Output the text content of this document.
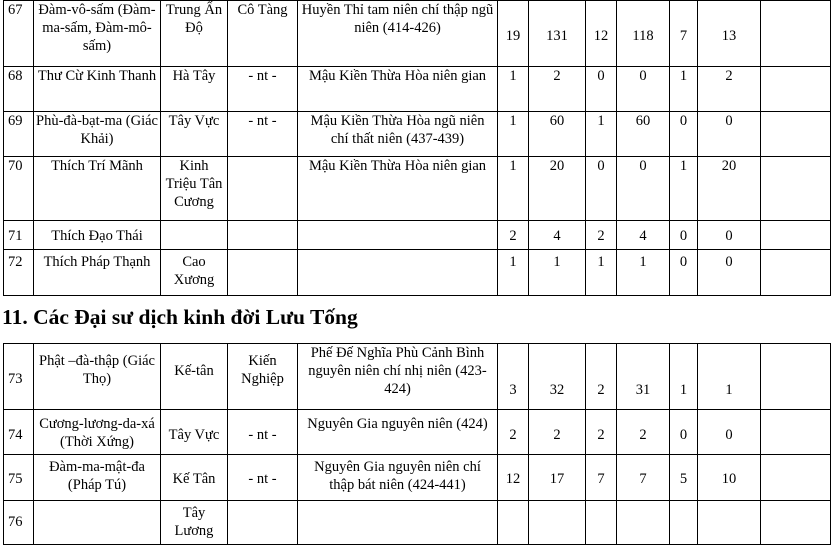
67	Đàm-vô-sấm (Đàm-ma-sấm, Đàm-mô-sấm)	Trung Ấn Độ	Cô Tàng	Huyền Thỉ tam niên chí thập ngũ niên (414-426)	19	131	12	118	7	13	
68	Thư Cừ Kinh Thanh	Hà Tây	- nt -	Mậu Kiền Thừa Hòa niên gian	1	2	0	0	1	2	
69	Phù-đà-bạt-ma (Giác Khải)	Tây Vực	- nt -	Mậu Kiền Thừa Hòa ngũ niên chí thất niên (437-439)	1	60	1	60	0	0	
70	Thích Trí Mãnh	Kinh Triệu Tân Cương		Mậu Kiền Thừa Hòa niên gian	1	20	0	0	1	20	
71	Thích Đạo Thái				2	4	2	4	0	0	
72	Thích Pháp Thạnh	Cao Xương			1	1	1	1	0	0	
11. Các Đại sư dịch kinh đời Lưu Tống
73	Phật –đà-thập (Giác Thọ)	Kế-tân	Kiến Nghiệp	Phế Đế Nghĩa Phù Cảnh Bình nguyên niên chí nhị niên (423-424)	3	32	2	31	1	1	
74	Cương-lương-da-xá (Thời Xứng)	Tây Vực	- nt -	Nguyên Gia nguyên niên (424)	2	2	2	2	0	0	
75	Đàm-ma-mật-đa (Pháp Tú)	Kế Tân	- nt -	Nguyên Gia nguyên niên chí thập bát niên (424-441)	12	17	7	7	5	10	
76		Tây Lương									
